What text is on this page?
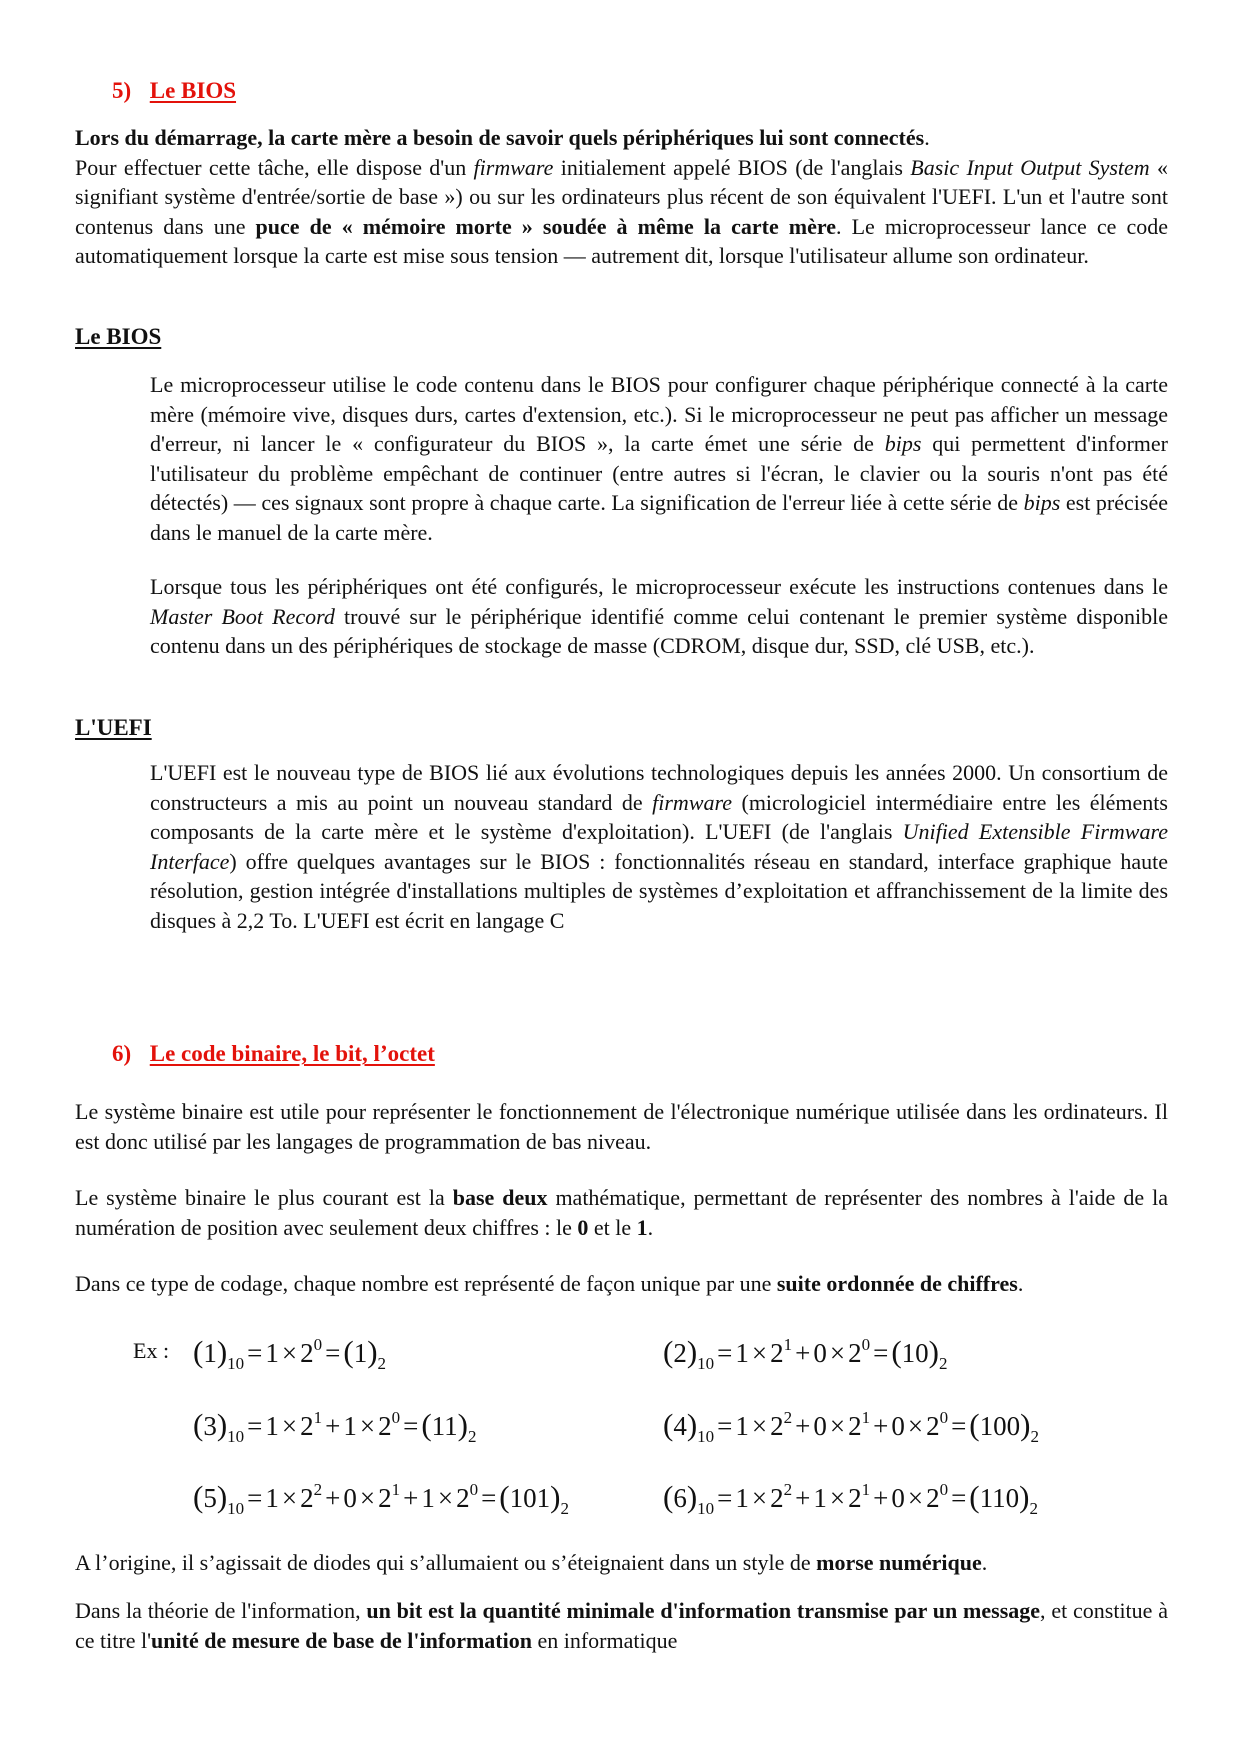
5) Le BIOS

Lors du démarrage, la carte mère a besoin de savoir quels périphériques lui sont connectés.
Pour effectuer cette tâche, elle dispose d'un firmware initialement appelé BIOS (de l'anglais Basic Input Output System « signifiant système d'entrée/sortie de base ») ou sur les ordinateurs plus récent de son équivalent l'UEFI. L'un et l'autre sont contenus dans une puce de « mémoire morte » soudée à même la carte mère. Le microprocesseur lance ce code automatiquement lorsque la carte est mise sous tension — autrement dit, lorsque l'utilisateur allume son ordinateur.

Le BIOS

Le microprocesseur utilise le code contenu dans le BIOS pour configurer chaque périphérique connecté à la carte mère (mémoire vive, disques durs, cartes d'extension, etc.). Si le microprocesseur ne peut pas afficher un message d'erreur, ni lancer le « configurateur du BIOS », la carte émet une série de bips qui permettent d'informer l'utilisateur du problème empêchant de continuer (entre autres si l'écran, le clavier ou la souris n'ont pas été détectés) — ces signaux sont propre à chaque carte. La signification de l'erreur liée à cette série de bips est précisée dans le manuel de la carte mère.

Lorsque tous les périphériques ont été configurés, le microprocesseur exécute les instructions contenues dans le Master Boot Record trouvé sur le périphérique identifié comme celui contenant le premier système disponible contenu dans un des périphériques de stockage de masse (CDROM, disque dur, SSD, clé USB, etc.).

L'UEFI

L'UEFI est le nouveau type de BIOS lié aux évolutions technologiques depuis les années 2000. Un consortium de constructeurs a mis au point un nouveau standard de firmware (micrologiciel intermédiaire entre les éléments composants de la carte mère et le système d'exploitation). L'UEFI (de l'anglais Unified Extensible Firmware Interface) offre quelques avantages sur le BIOS : fonctionnalités réseau en standard, interface graphique haute résolution, gestion intégrée d'installations multiples de systèmes d’exploitation et affranchissement de la limite des disques à 2,2 To. L'UEFI est écrit en langage C

6) Le code binaire, le bit, l’octet

Le système binaire est utile pour représenter le fonctionnement de l'électronique numérique utilisée dans les ordinateurs. Il est donc utilisé par les langages de programmation de bas niveau.

Le système binaire le plus courant est la base deux mathématique, permettant de représenter des nombres à l'aide de la numération de position avec seulement deux chiffres : le 0 et le 1.

Dans ce type de codage, chaque nombre est représenté de façon unique par une suite ordonnée de chiffres.

Ex : $(1)_{10} = 1 \times 2^0 =(1)_2$	$(2)_{10} = 1 \times 2^1 + 0 \times 2^0 =(10)_2$
$(3)_{10} = 1 \times 2^1 + 1 \times 2^0 =(11)_2$	$(4)_{10} = 1 \times 2^2 + 0 \times 2^1 + 0 \times 2^0 =(100)_2$
$(5)_{10} = 1 \times 2^2 + 0 \times 2^1 + 1 \times 2^0 =(101)_2$	$(6)_{10} = 1 \times 2^2 + 1 \times 2^1 + 0 \times 2^0 =(110)_2$

A l’origine, il s’agissait de diodes qui s’allumaient ou s’éteignaient dans un style de morse numérique.

Dans la théorie de l'information, un bit est la quantité minimale d'information transmise par un message, et constitue à ce titre l'unité de mesure de base de l'information en informatique
